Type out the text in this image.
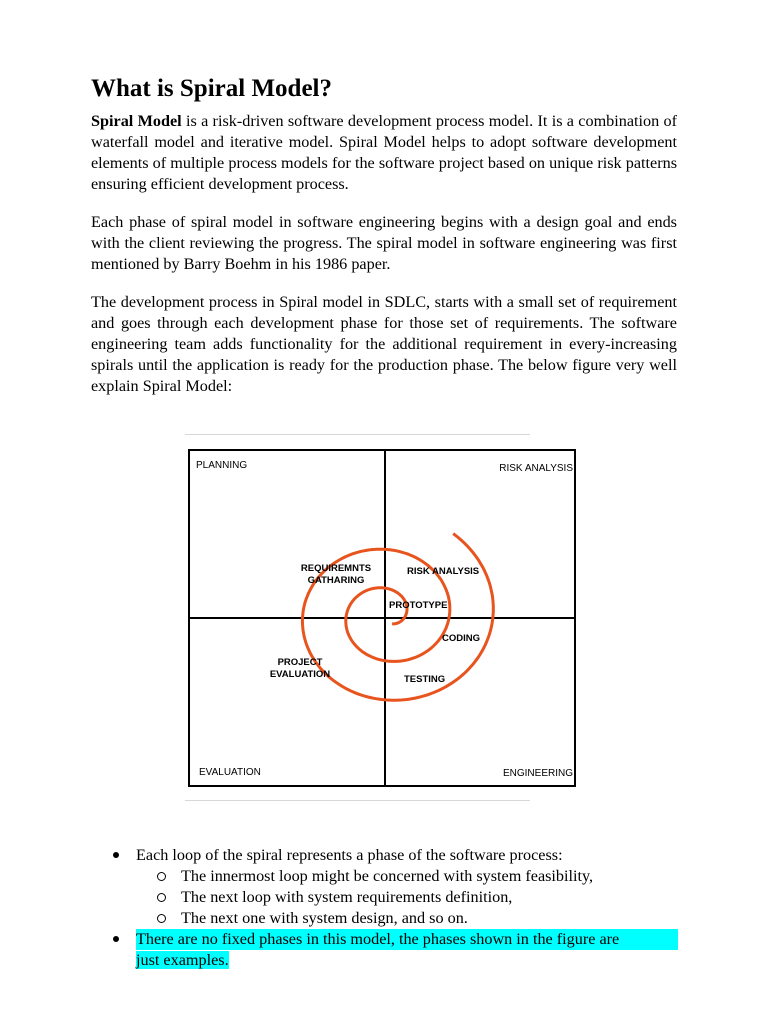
What is Spiral Model?

Spiral Model is a risk-driven software development process model. It is a combination of waterfall model and iterative model. Spiral Model helps to adopt software development elements of multiple process models for the software project based on unique risk patterns ensuring efficient development process.

Each phase of spiral model in software engineering begins with a design goal and ends with the client reviewing the progress. The spiral model in software engineering was first mentioned by Barry Boehm in his 1986 paper.

The development process in Spiral model in SDLC, starts with a small set of requirement and goes through each development phase for those set of requirements. The software engineering team adds functionality for the additional requirement in every-increasing spirals until the application is ready for the production phase. The below figure very well explain Spiral Model:

PLANNING	RISK ANALYSIS
EVALUATION	ENGINEERING
REQUIREMNTS
GATHARING
RISK ANALYSIS
PROTOTYPE
CODING
PROJECT
EVALUATION	TESTING
Each loop of the spiral represents a phase of the software process:
The innermost loop might be concerned with system feasibility,
The next loop with system requirements definition,
The next one with system design, and so on.
There are no fixed phases in this model, the phases shown in the figure are
just examples.
